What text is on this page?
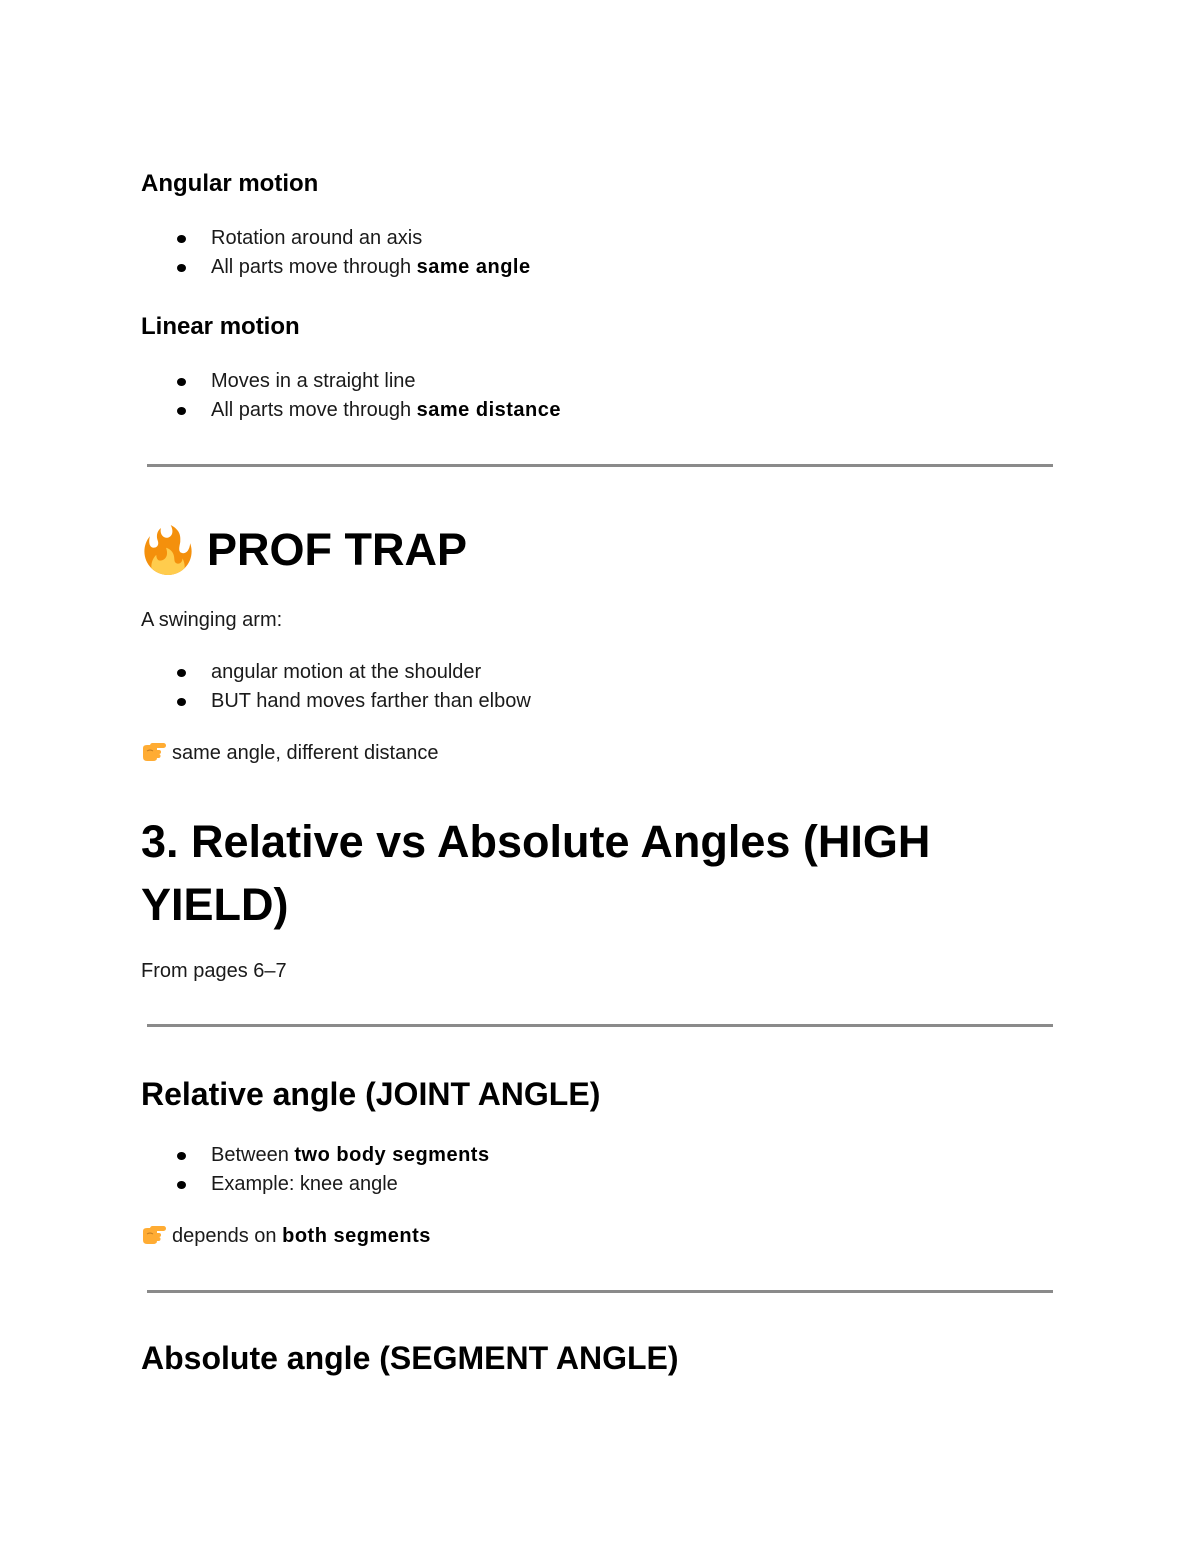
Angular motion
Rotation around an axis
All parts move through same angle
Linear motion
Moves in a straight line
All parts move through same distance
PROF TRAP

A swinging arm:

angular motion at the shoulder
BUT hand moves farther than elbow

same angle, different distance

3. Relative vs Absolute Angles (HIGH
YIELD)

From pages 6–7

Relative angle (JOINT ANGLE)
Between two body segments
Example: knee angle

depends on both segments

Absolute angle (SEGMENT ANGLE)
